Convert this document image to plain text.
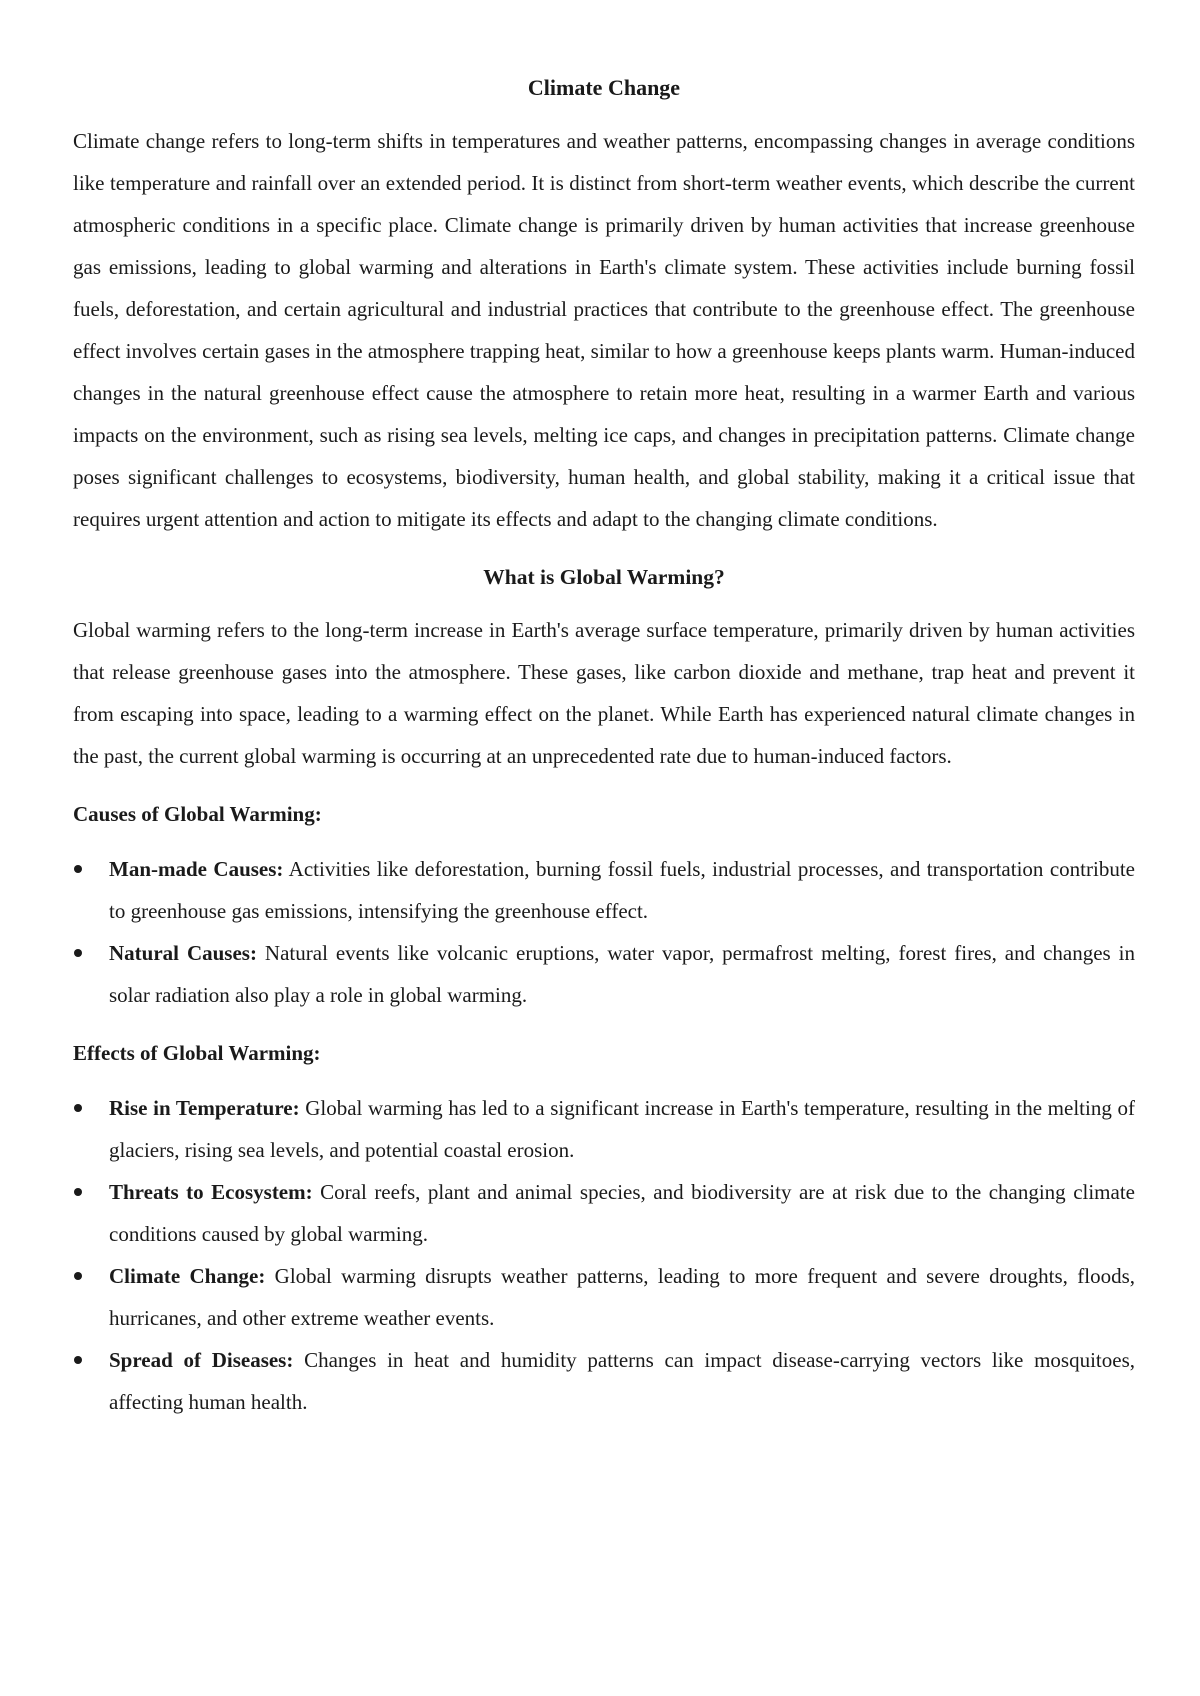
Climate Change

Climate change refers to long-term shifts in temperatures and weather patterns, encompassing changes in average conditions like temperature and rainfall over an extended period. It is distinct from short-term weather events, which describe the current atmospheric conditions in a specific place. Climate change is primarily driven by human activities that increase greenhouse gas emissions, leading to global warming and alterations in Earth's climate system. These activities include burning fossil fuels, deforestation, and certain agricultural and industrial practices that contribute to the greenhouse effect. The greenhouse effect involves certain gases in the atmosphere trapping heat, similar to how a greenhouse keeps plants warm. Human-induced changes in the natural greenhouse effect cause the atmosphere to retain more heat, resulting in a warmer Earth and various impacts on the environment, such as rising sea levels, melting ice caps, and changes in precipitation patterns. Climate change poses significant challenges to ecosystems, biodiversity, human health, and global stability, making it a critical issue that requires urgent attention and action to mitigate its effects and adapt to the changing climate conditions.

What is Global Warming?

Global warming refers to the long-term increase in Earth's average surface temperature, primarily driven by human activities that release greenhouse gases into the atmosphere. These gases, like carbon dioxide and methane, trap heat and prevent it from escaping into space, leading to a warming effect on the planet. While Earth has experienced natural climate changes in the past, the current global warming is occurring at an unprecedented rate due to human-induced factors.

Causes of Global Warming:
Man-made Causes: Activities like deforestation, burning fossil fuels, industrial processes, and transportation contribute to greenhouse gas emissions, intensifying the greenhouse effect.
Natural Causes: Natural events like volcanic eruptions, water vapor, permafrost melting, forest fires, and changes in solar radiation also play a role in global warming.
Effects of Global Warming:
Rise in Temperature: Global warming has led to a significant increase in Earth's temperature, resulting in the melting of glaciers, rising sea levels, and potential coastal erosion.
Threats to Ecosystem: Coral reefs, plant and animal species, and biodiversity are at risk due to the changing climate conditions caused by global warming.
Climate Change: Global warming disrupts weather patterns, leading to more frequent and severe droughts, floods, hurricanes, and other extreme weather events.
Spread of Diseases: Changes in heat and humidity patterns can impact disease-carrying vectors like mosquitoes, affecting human health.
